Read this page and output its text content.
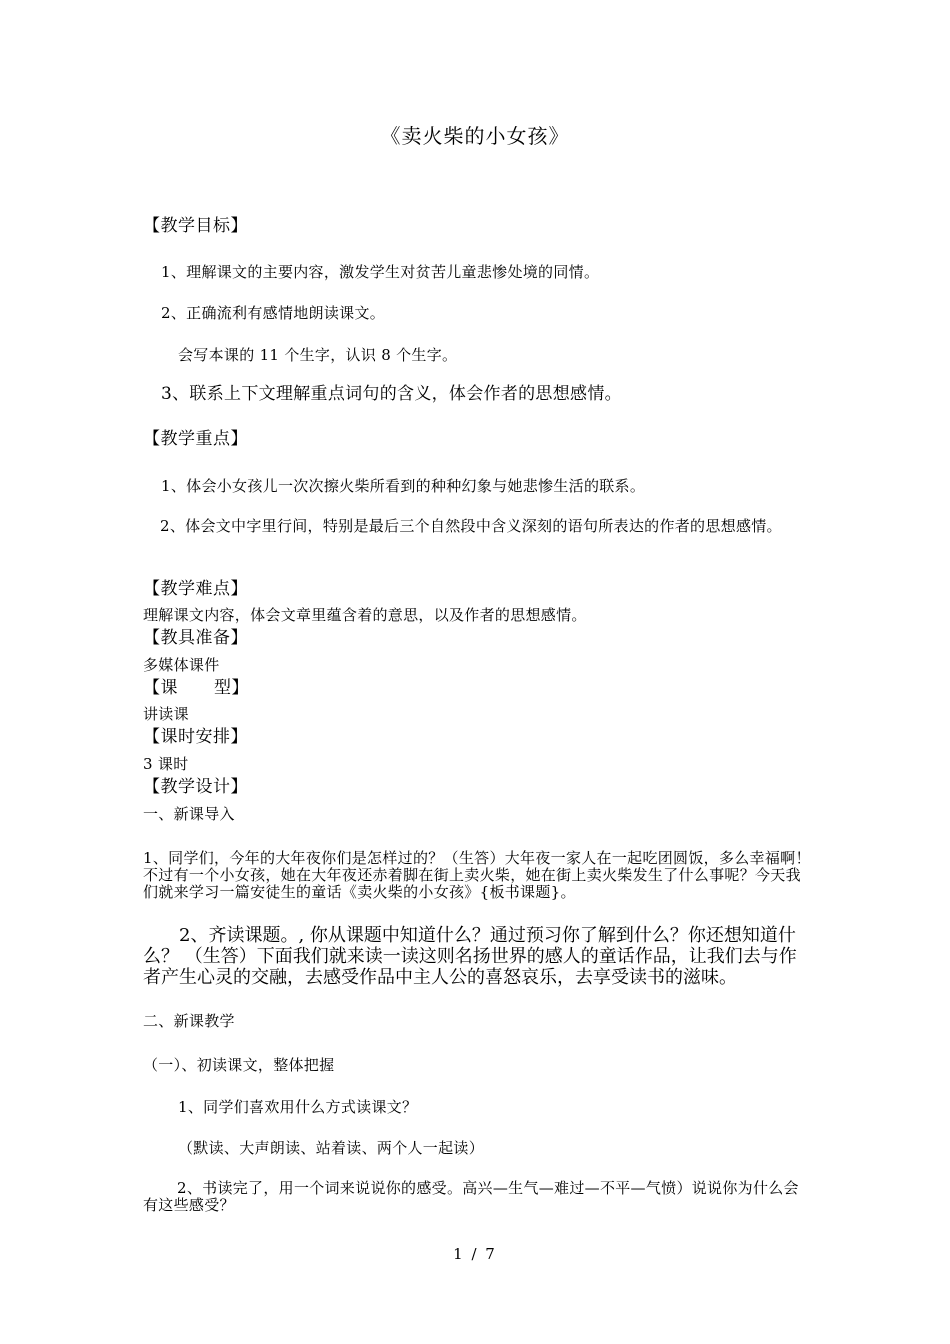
《卖火柴的小女孩》
【教学目标】
1、理解课文的主要内容，激发学生对贫苦儿童悲惨处境的同情。
2、正确流利有感情地朗读课文。
会写本课的 11 个生字，认识 8 个生字。
3、联系上下文理解重点词句的含义，体会作者的思想感情。
【教学重点】
1、体会小女孩儿一次次擦火柴所看到的种种幻象与她悲惨生活的联系。
2、体会文中字里行间，特别是最后三个自然段中含义深刻的语句所表达的作者的思想感情。
【教学难点】
理解课文内容，体会文章里蕴含着的意思，以及作者的思想感情。
【教具准备】
多媒体课件
【课 型】
讲读课
【课时安排】
3 课时
【教学设计】
一、新课导入
1、同学们，今年的大年夜你们是怎样过的？（生答）大年夜一家人在一起吃团圆饭，多么幸福啊！不过有一个小女孩，她在大年夜还赤着脚在街上卖火柴，她在街上卖火柴发生了什么事呢？今天我们就来学习一篇安徒生的童话《卖火柴的小女孩》{板书课题}。
2、齐读课题。, 你从课题中知道什么？通过预习你了解到什么？你还想知道什么？ （生答）下面我们就来读一读这则名扬世界的感人的童话作品，让我们去与作者产生心灵的交融，去感受作品中主人公的喜怒哀乐，去享受读书的滋味。
二、新课教学
（一）、初读课文，整体把握
1、同学们喜欢用什么方式读课文？
（默读、大声朗读、站着读、两个人一起读）
2、书读完了，用一个词来说说你的感受。高兴—生气—难过—不平—气愤）说说你为什么会有这些感受？
1 / 7
